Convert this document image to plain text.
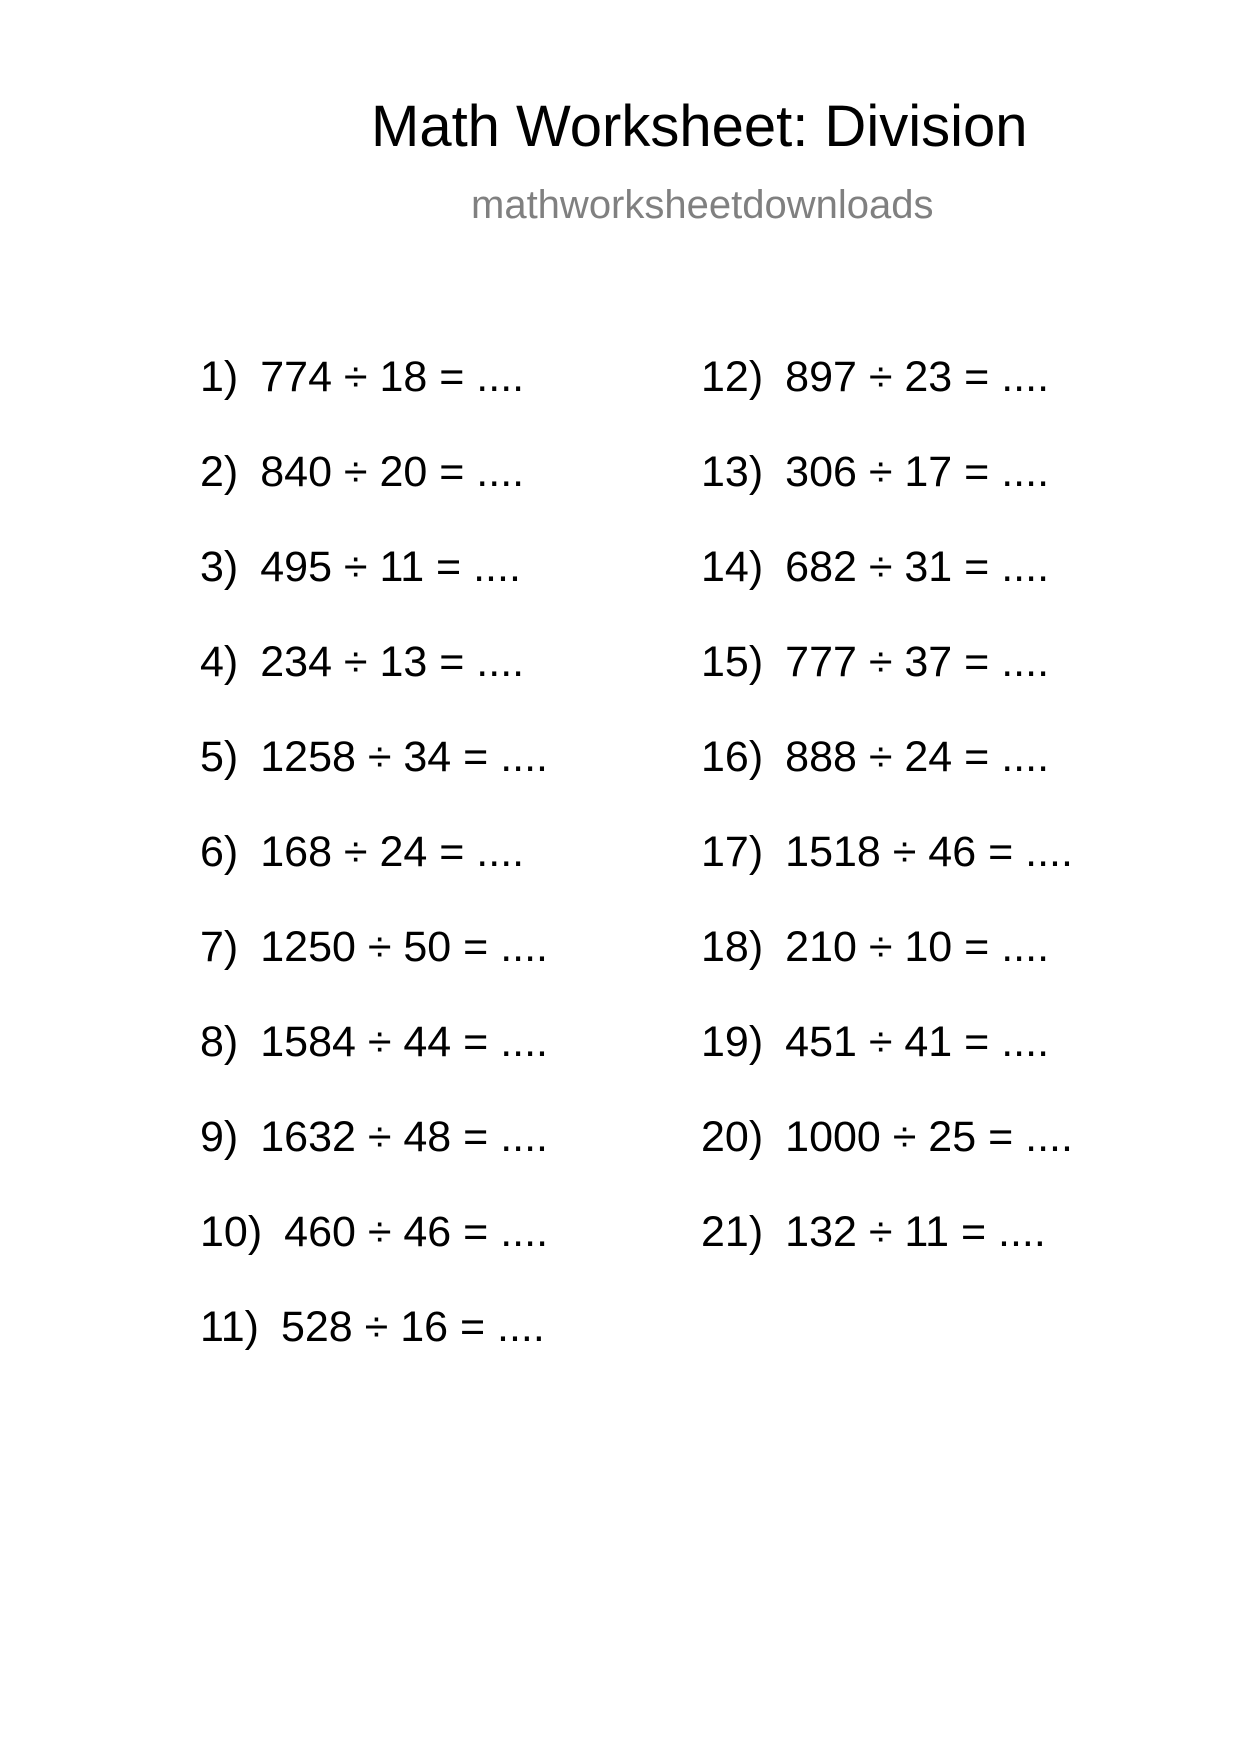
Math Worksheet: Division
mathworksheetdownloads
1) 774 ÷ 18 = ....
2) 840 ÷ 20 = ....
3) 495 ÷ 11 = ....
4) 234 ÷ 13 = ....
5) 1258 ÷ 34 = ....
6) 168 ÷ 24 = ....
7) 1250 ÷ 50 = ....
8) 1584 ÷ 44 = ....
9) 1632 ÷ 48 = ....
10) 460 ÷ 46 = ....
11) 528 ÷ 16 = ....
12) 897 ÷ 23 = ....
13) 306 ÷ 17 = ....
14) 682 ÷ 31 = ....
15) 777 ÷ 37 = ....
16) 888 ÷ 24 = ....
17) 1518 ÷ 46 = ....
18) 210 ÷ 10 = ....
19) 451 ÷ 41 = ....
20) 1000 ÷ 25 = ....
21) 132 ÷ 11 = ....
